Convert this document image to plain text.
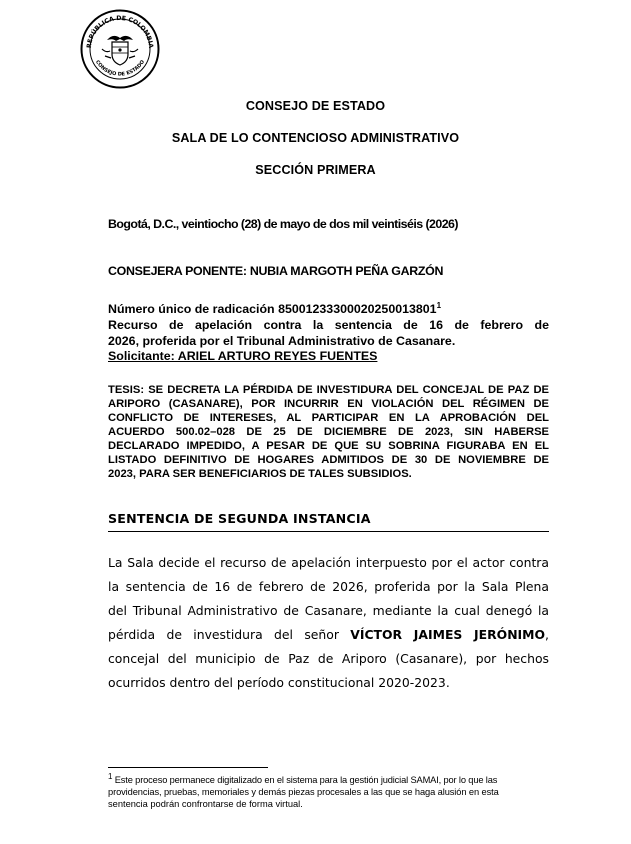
REPÚBLICA DE COLOMBIA
CONSEJO DE ESTADO
CONSEJO DE ESTADO
SALA DE LO CONTENCIOSO ADMINISTRATIVO
SECCIÓN PRIMERA
Bogotá, D.C., veintiocho (28) de mayo de dos mil veintiséis (2026)
CONSEJERA PONENTE: NUBIA MARGOTH PEÑA GARZÓN
Número único de radicación 85001233300020250013801$^1$
Recurso de apelación contra la sentencia de 16 de febrero de
2026, proferida por el Tribunal Administrativo de Casanare.
Solicitante: ARIEL ARTURO REYES FUENTES
TESIS: SE DECRETA LA PÉRDIDA DE INVESTIDURA DEL CONCEJAL DE PAZ DE
ARIPORO (CASANARE), POR INCURRIR EN VIOLACIÓN DEL RÉGIMEN DE
CONFLICTO DE INTERESES, AL PARTICIPAR EN LA APROBACIÓN DEL
ACUERDO 500.02–028 DE 25 DE DICIEMBRE DE 2023, SIN HABERSE
DECLARADO IMPEDIDO, A PESAR DE QUE SU SOBRINA FIGURABA EN EL
LISTADO DEFINITIVO DE HOGARES ADMITIDOS DE 30 DE NOVIEMBRE DE
2023, PARA SER BENEFICIARIOS DE TALES SUBSIDIOS.
SENTENCIA DE SEGUNDA INSTANCIA
La Sala decide el recurso de apelación interpuesto por el actor contra
la sentencia de 16 de febrero de 2026, proferida por la Sala Plena
del Tribunal Administrativo de Casanare, mediante la cual denegó la
pérdida de investidura del señor VÍCTOR JAIMES JERÓNIMO,
concejal del municipio de Paz de Ariporo (Casanare), por hechos
ocurridos dentro del período constitucional 2020-2023.
$^1$ Este proceso permanece digitalizado en el sistema para la gestión judicial SAMAI, por lo que las
providencias, pruebas, memoriales y demás piezas procesales a las que se haga alusión en esta
sentencia podrán confrontarse de forma virtual.
